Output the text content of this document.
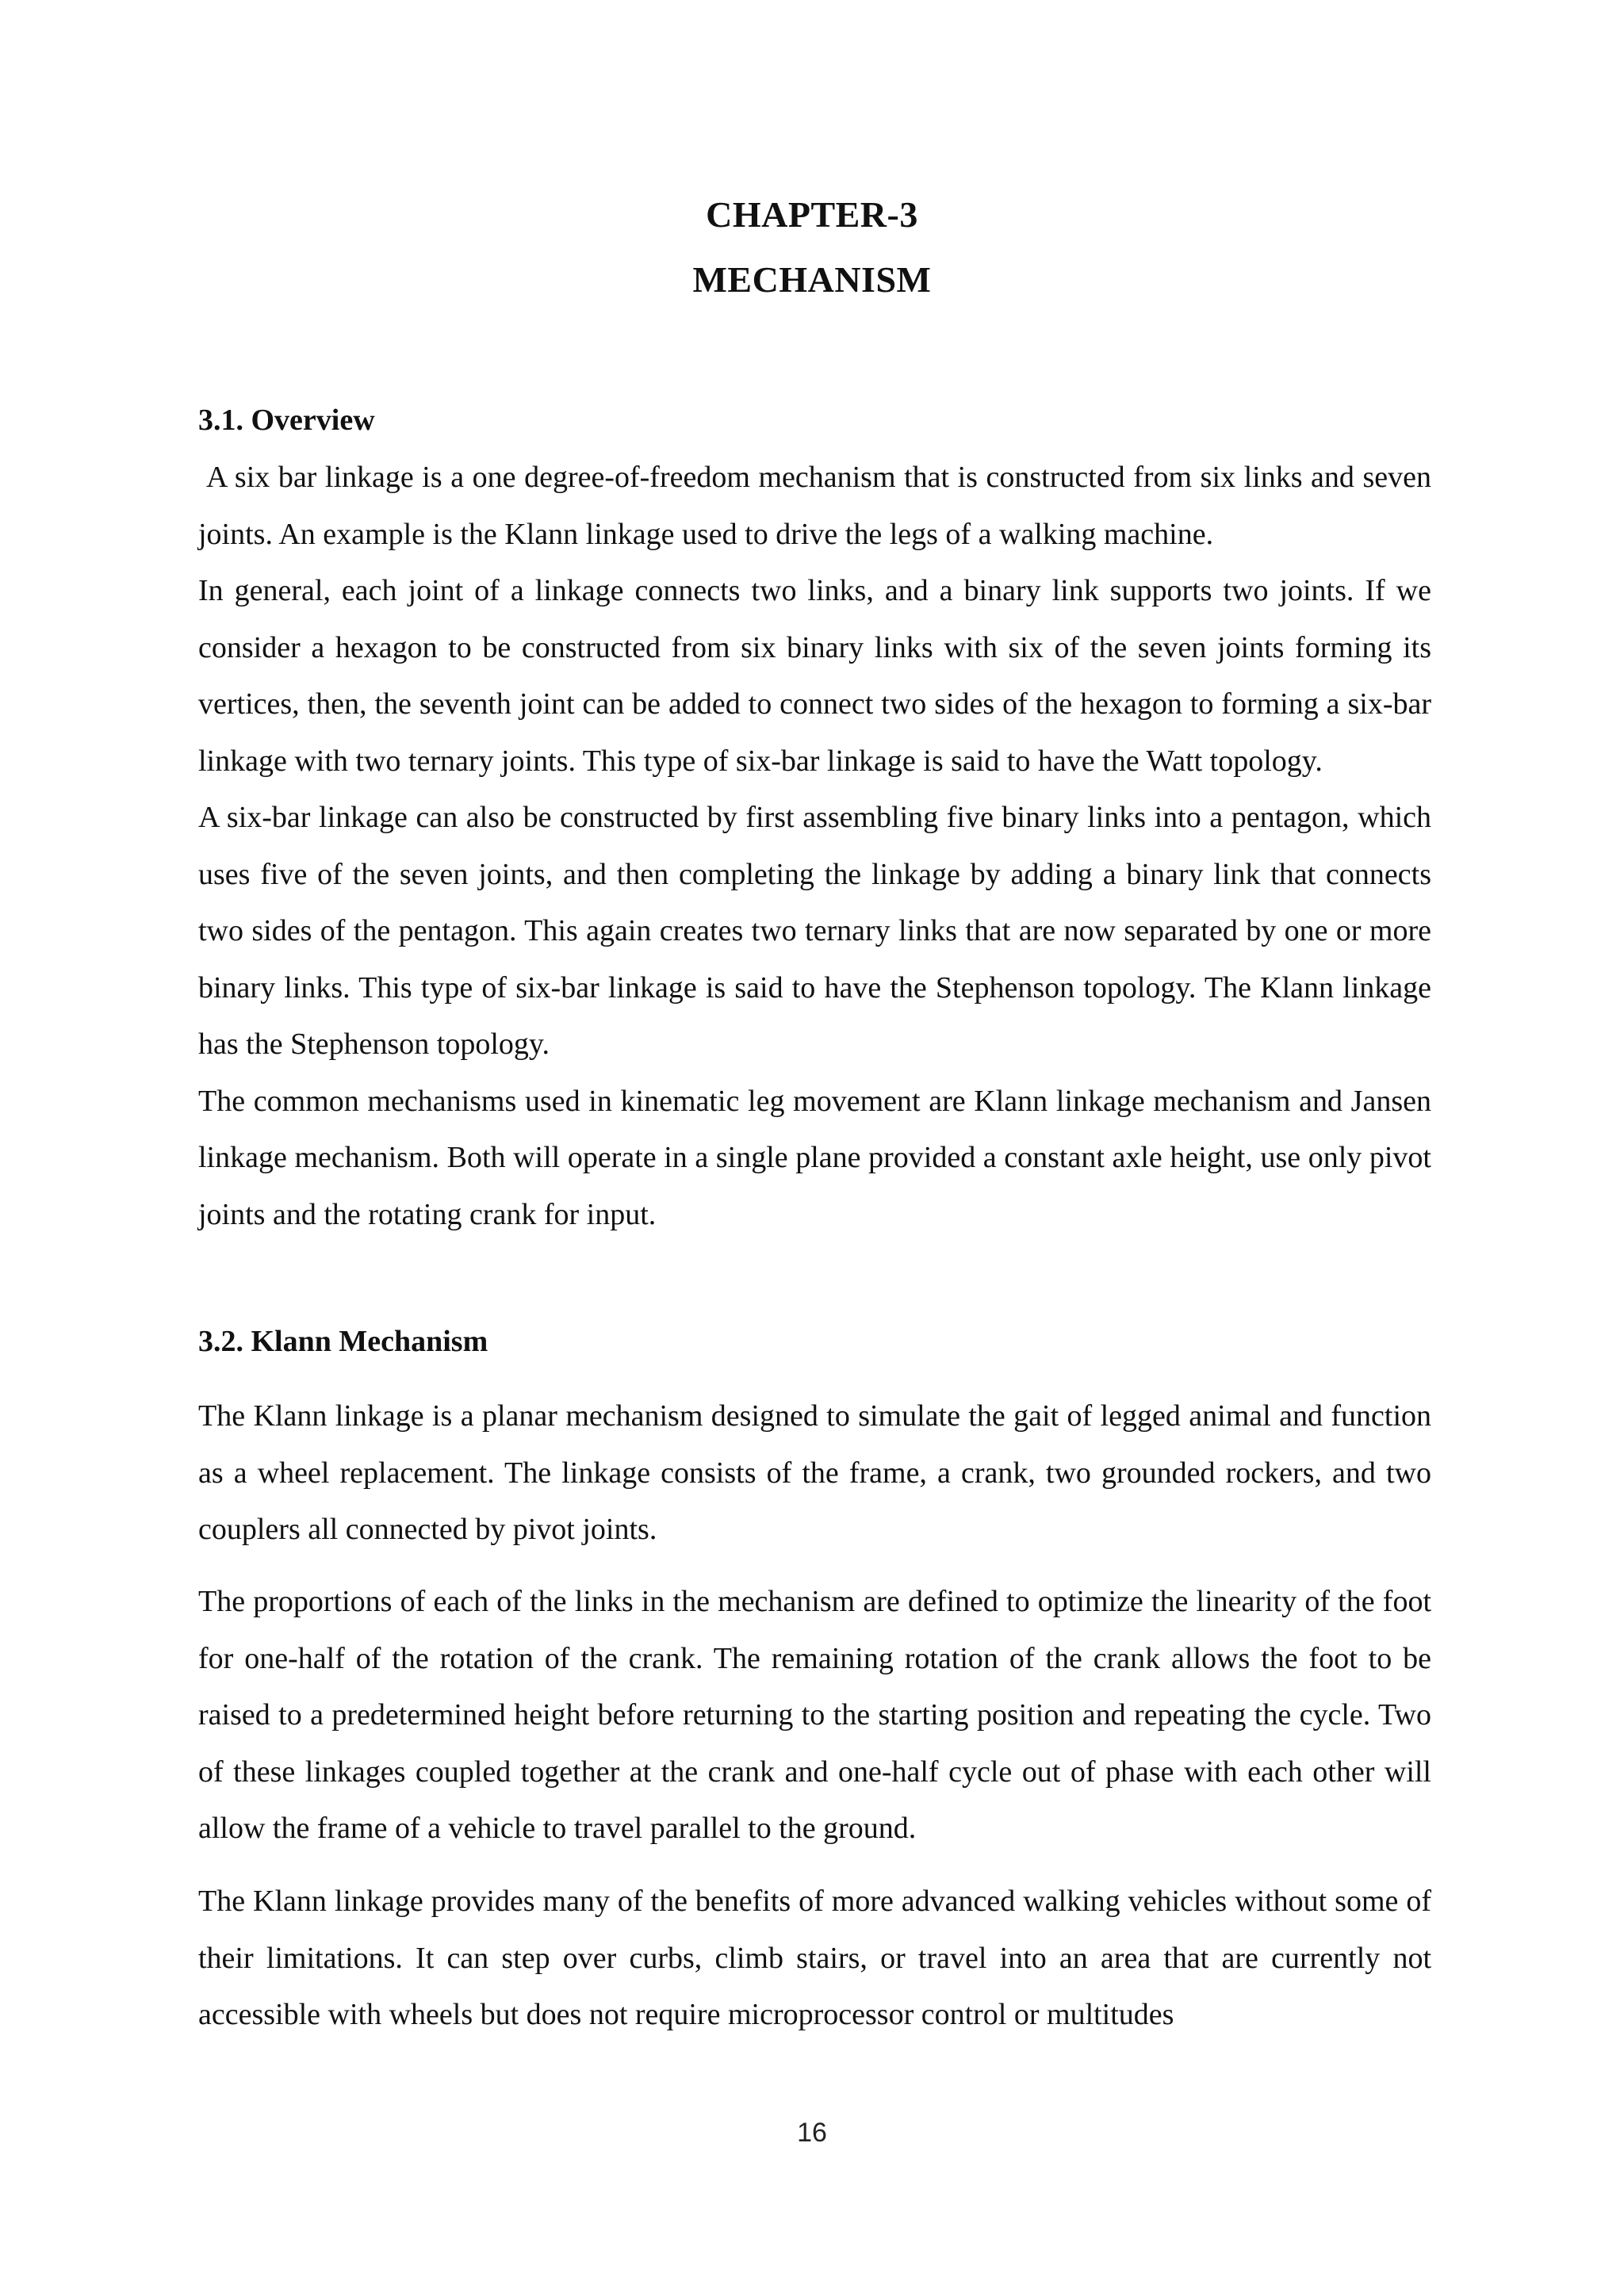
CHAPTER-3
MECHANISM
3.1. Overview

A six bar linkage is a one degree-of-freedom mechanism that is constructed from six links and seven joints. An example is the Klann linkage used to drive the legs of a walking machine.

In general, each joint of a linkage connects two links, and a binary link supports two joints. If we consider a hexagon to be constructed from six binary links with six of the seven joints forming its vertices, then, the seventh joint can be added to connect two sides of the hexagon to forming a six-bar linkage with two ternary joints. This type of six-bar linkage is said to have the Watt topology.

A six-bar linkage can also be constructed by first assembling five binary links into a pentagon, which uses five of the seven joints, and then completing the linkage by adding a binary link that connects two sides of the pentagon. This again creates two ternary links that are now separated by one or more binary links. This type of six-bar linkage is said to have the Stephenson topology. The Klann linkage has the Stephenson topology.

The common mechanisms used in kinematic leg movement are Klann linkage mechanism and Jansen linkage mechanism. Both will operate in a single plane provided a constant axle height, use only pivot joints and the rotating crank for input.

3.2. Klann Mechanism

The Klann linkage is a planar mechanism designed to simulate the gait of legged animal and function as a wheel replacement. The linkage consists of the frame, a crank, two grounded rockers, and two couplers all connected by pivot joints.

The proportions of each of the links in the mechanism are defined to optimize the linearity of the foot for one-half of the rotation of the crank. The remaining rotation of the crank allows the foot to be raised to a predetermined height before returning to the starting position and repeating the cycle. Two of these linkages coupled together at the crank and one-half cycle out of phase with each other will allow the frame of a vehicle to travel parallel to the ground.

The Klann linkage provides many of the benefits of more advanced walking vehicles without some of their limitations. It can step over curbs, climb stairs, or travel into an area that are currently not accessible with wheels but does not require microprocessor control or multitudes

16
